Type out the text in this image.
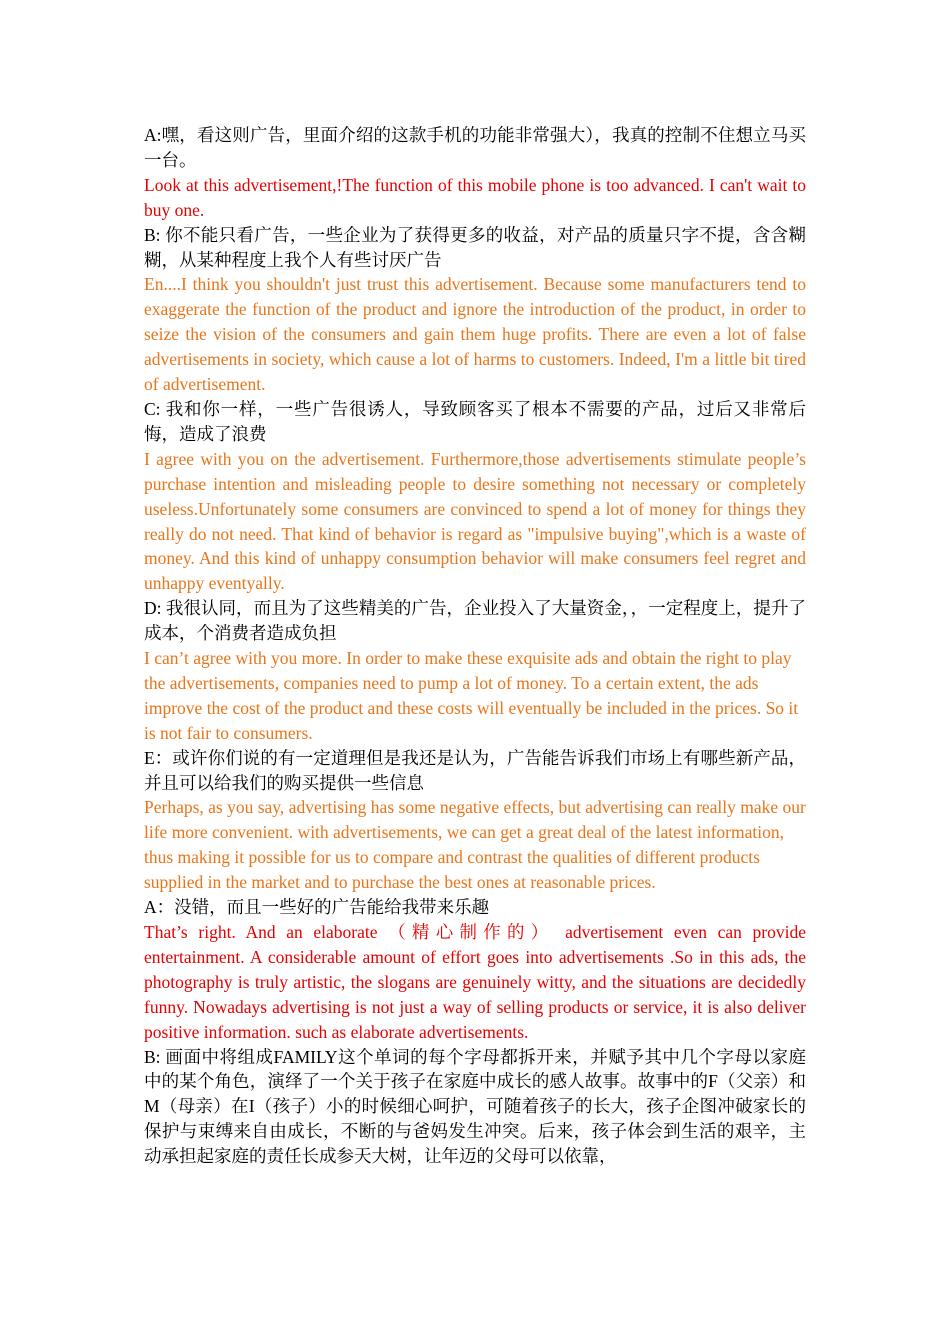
A:嘿，看这则广告，里面介绍的这款手机的功能非常强大），我真的控制不住想立马买一台。

Look at this advertisement,!The function of this mobile phone is too advanced. I can't wait to buy one.

B: 你不能只看广告，一些企业为了获得更多的收益，对产品的质量只字不提，含含糊糊，从某种程度上我个人有些讨厌广告

En....I think you shouldn't just trust this advertisement. Because some manufacturers tend to exaggerate the function of the product and ignore the introduction of the product, in order to seize the vision of the consumers and gain them huge profits. There are even a lot of false advertisements in society, which cause a lot of harms to customers. Indeed, I'm a little bit tired of advertisement.

C: 我和你一样，一些广告很诱人，导致顾客买了根本不需要的产品，过后又非常后悔，造成了浪费

I agree with you on the advertisement. Furthermore,those advertisements stimulate people’s purchase intention and misleading people to desire something not necessary or completely useless.Unfortunately some consumers are convinced to spend a lot of money for things they really do not need. That kind of behavior is regard as "impulsive buying",which is a waste of money. And this kind of unhappy consumption behavior will make consumers feel regret and unhappy eventyally.

D: 我很认同，而且为了这些精美的广告，企业投入了大量资金，，一定程度上，提升了成本，个消费者造成负担

I can’t agree with you more. In order to make these exquisite ads and obtain the right to play the advertisements, companies need to pump a lot of money. To a certain extent, the ads improve the cost of the product and these costs will eventually be included in the prices. So it is not fair to consumers.

E：或许你们说的有一定道理但是我还是认为，广告能告诉我们市场上有哪些新产品，并且可以给我们的购买提供一些信息

Perhaps, as you say, advertising has some negative effects, but advertising can really make our life more convenient. with advertisements, we can get a great deal of the latest information, thus making it possible for us to compare and contrast the qualities of different products supplied in the market and to purchase the best ones at reasonable prices.

A：没错，而且一些好的广告能给我带来乐趣

That’s right. And an elaborate （精心制作的） advertisement even can provide entertainment. A considerable amount of effort goes into advertisements .So in this ads, the photography is truly artistic, the slogans are genuinely witty, and the situations are decidedly funny. Nowadays advertising is not just a way of selling products or service, it is also deliver positive information. such as elaborate advertisements.

B: 画面中将组成FAMILY这个单词的每个字母都拆开来，并赋予其中几个字母以家庭中的某个角色，演绎了一个关于孩子在家庭中成长的感人故事。故事中的F（父亲）和M（母亲）在I（孩子）小的时候细心呵护，可随着孩子的长大，孩子企图冲破家长的保护与束缚来自由成长，不断的与爸妈发生冲突。后来，孩子体会到生活的艰辛，主动承担起家庭的责任长成参天大树，让年迈的父母可以依靠，
